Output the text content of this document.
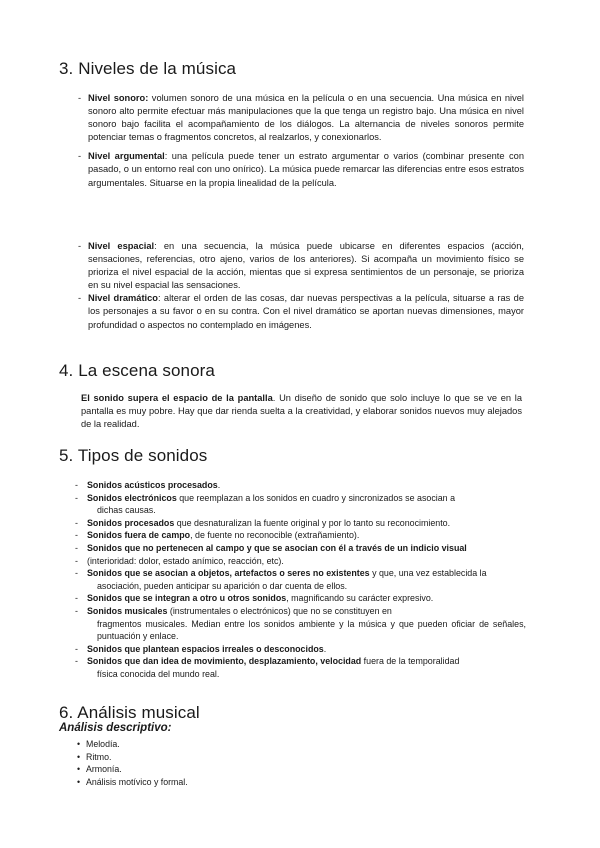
3. Niveles de la música
- Nivel sonoro: volumen sonoro de una música en la película o en una secuencia. Una música en nivel sonoro alto permite efectuar más manipulaciones que la que tenga un registro bajo. Una música en nivel sonoro bajo facilita el acompañamiento de los diálogos. La alternancia de niveles sonoros permite potenciar temas o fragmentos concretos, al realzarlos, y conexionarlos.
- Nivel argumental: una película puede tener un estrato argumentar o varios (combinar presente con pasado, o un entorno real con uno onírico). La música puede remarcar las diferencias entre esos estratos argumentales. Situarse en la propia linealidad de la película.
- Nivel espacial: en una secuencia, la música puede ubicarse en diferentes espacios (acción, sensaciones, referencias, otro ajeno, varios de los anteriores). Si acompaña un movimiento físico se prioriza el nivel espacial de la acción, mientas que si expresa sentimientos de un personaje, se prioriza en su nivel espacial las sensaciones.
- Nivel dramático: alterar el orden de las cosas, dar nuevas perspectivas a la película, situarse a ras de los personajes a su favor o en su contra. Con el nivel dramático se aportan nuevas dimensiones, mayor profundidad o aspectos no contemplado en imágenes.
4. La escena sonora

El sonido supera el espacio de la pantalla. Un diseño de sonido que solo incluye lo que se ve en la pantalla es muy pobre. Hay que dar rienda suelta a la creatividad, y elaborar sonidos nuevos muy alejados de la realidad.

5. Tipos de sonidos
- Sonidos acústicos procesados.
- Sonidos electrónicos que reemplazan a los sonidos en cuadro y sincronizados se asocian a
dichas causas.
- Sonidos procesados que desnaturalizan la fuente original y por lo tanto su reconocimiento.
- Sonidos fuera de campo, de fuente no reconocible (extrañamiento).
- Sonidos que no pertenecen al campo y que se asocian con él a través de un indicio visual
- (interioridad: dolor, estado anímico, reacción, etc).
- Sonidos que se asocian a objetos, artefactos o seres no existentes y que, una vez establecida la
asociación, pueden anticipar su aparición o dar cuenta de ellos.
- Sonidos que se integran a otro u otros sonidos, magnificando su carácter expresivo.
- Sonidos musicales (instrumentales o electrónicos) que no se constituyen en
fragmentos musicales. Median entre los sonidos ambiente y la música y que pueden oficiar de señales, puntuación y enlace.
- Sonidos que plantean espacios irreales o desconocidos.
- Sonidos que dan idea de movimiento, desplazamiento, velocidad fuera de la temporalidad
física conocida del mundo real.
6. Análisis musical

Análisis descriptivo:

• Melodía.
• Ritmo.
• Armonía.
• Análisis motívico y formal.
